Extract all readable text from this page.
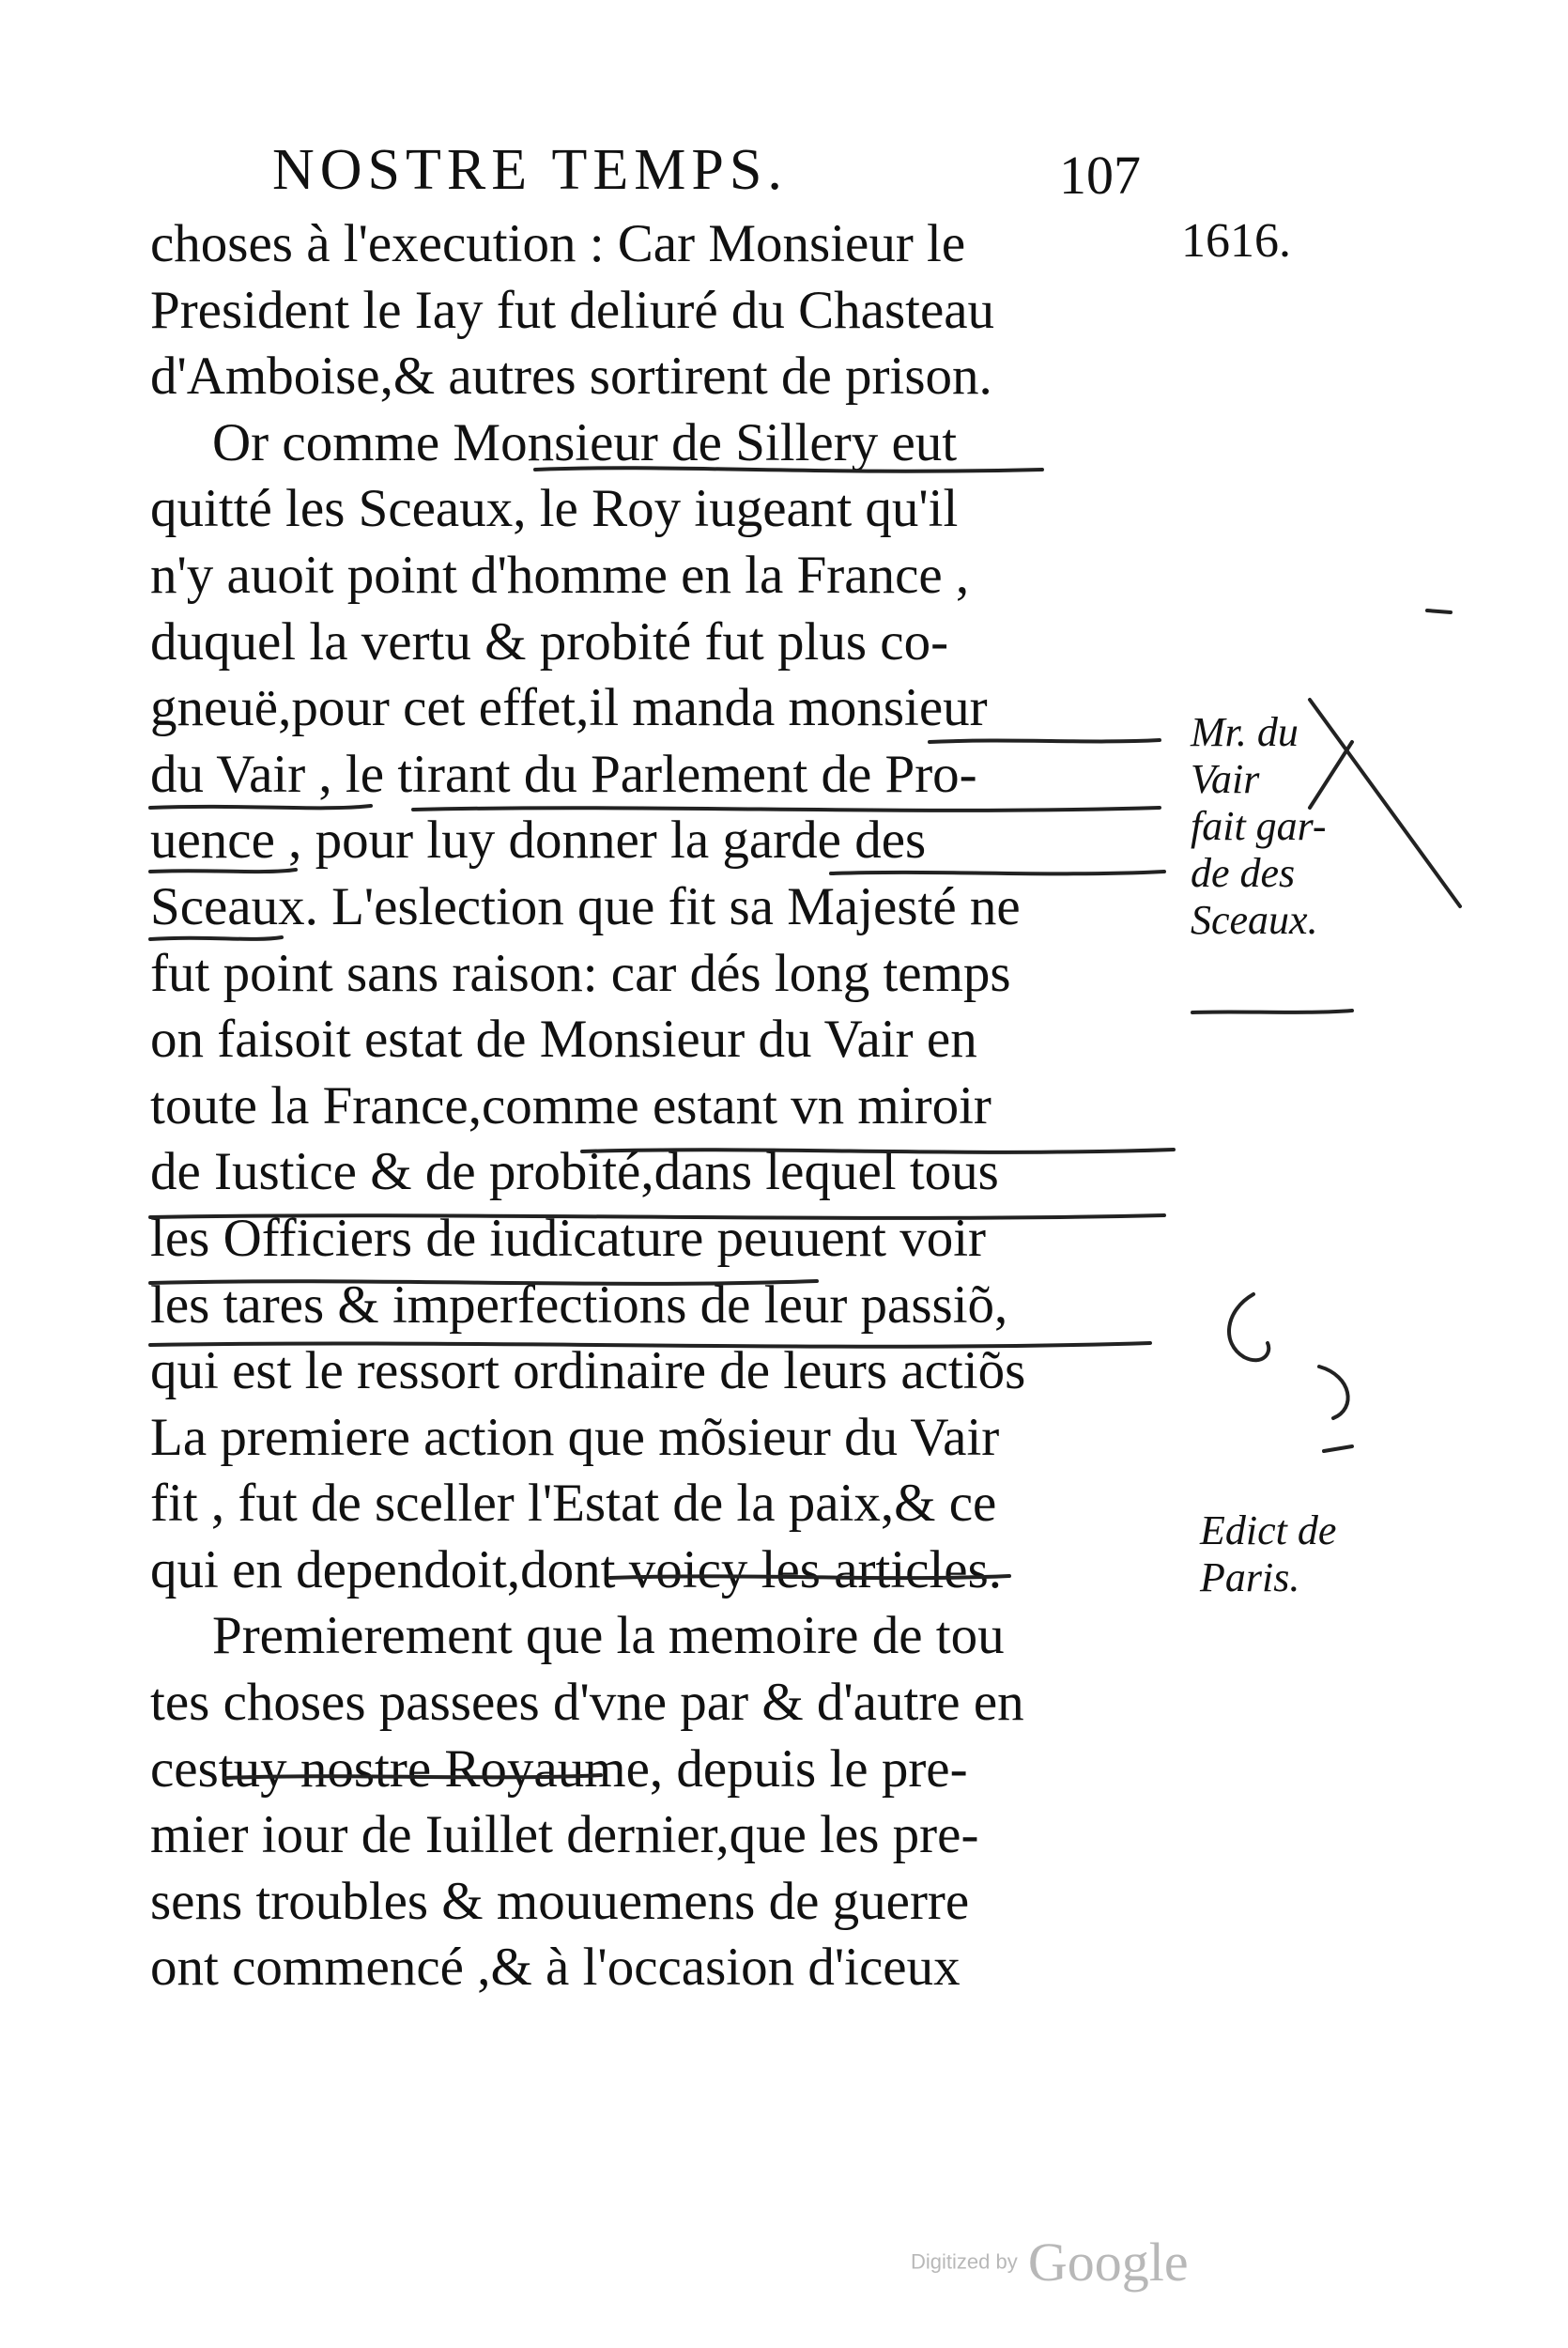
NOSTRE TEMPS.	107
choses à l'execution : Car Monsieur le
President le Iay fut deliuré du Chasteau
d'Amboise,& autres sortirent de prison.
Or comme Monsieur de Sillery eut
quitté les Sceaux, le Roy iugeant qu'il
n'y auoit point d'homme en la France ,
duquel la vertu & probité fut plus co-
gneuë,pour cet effet,il manda monsieur
du Vair , le tirant du Parlement de Pro-
uence , pour luy donner la garde des
Sceaux. L'eslection que fit sa Majesté ne
fut point sans raison: car dés long temps
on faisoit estat de Monsieur du Vair en
toute la France,comme estant vn miroir
de Iustice & de probité,dans lequel tous
les Officiers de iudicature peuuent voir
les tares & imperfections de leur passiõ,
qui est le ressort ordinaire de leurs actiõs
La premiere action que mõsieur du Vair
fit , fut de sceller l'Estat de la paix,& ce
qui en dependoit,dont voicy les articles.
Premierement que la memoire de tou
tes choses passees d'vne par & d'autre en
cestuy nostre Royaume, depuis le pre-
mier iour de Iuillet dernier,que les pre-
sens troubles & mouuemens de guerre
ont commencé ,& à l'occasion d'iceux
1616.
Mr. du
Vair
fait gar-
de des
Sceaux.
Edict de
Paris.
Digitized by Google
